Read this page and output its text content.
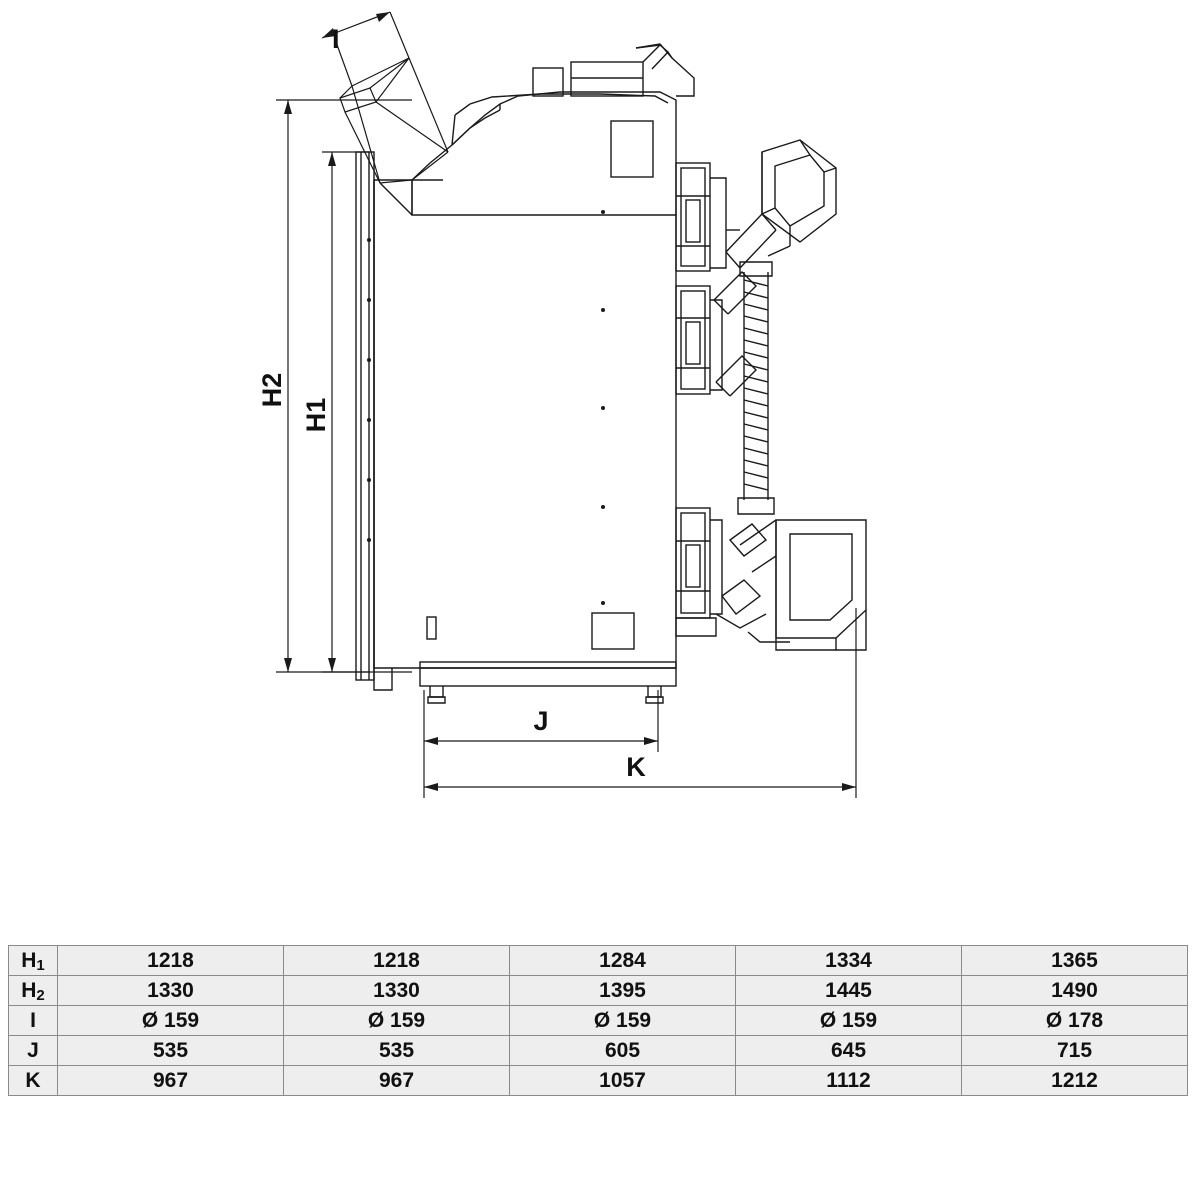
H2
H1
I
J
K
H1	1218	1218	1284	1334	1365
H2	1330	1330	1395	1445	1490
I	Ø 159	Ø 159	Ø 159	Ø 159	Ø 178
J	535	535	605	645	715
K	967	967	1057	1112	1212
